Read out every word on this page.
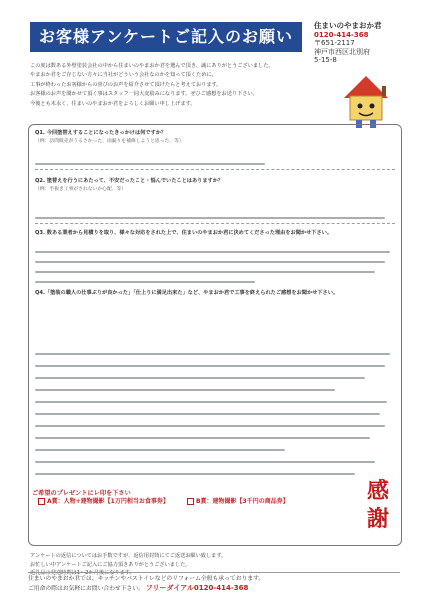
お客様アンケートご記入のお願い
住まいのやまおか君
0120-414-368
〒651-2117
神戸市西区北別府
5-15-8
この度は数ある外壁塗装会社の中から住まいのやまおか君を選んで頂き、誠にありがとうございました。
やまおか君をご存じない方々に当社がどういう会社なのかを知って頂くために、
工事が終わったお客様からの喜びのお声を紹介させて頂けたらと考えております。
お客様のお声を聞かせて頂く事はスタッフ一同大変励みになります。ぜひご感想をお送り下さい。
今後とも末永く、住まいのやまおか君をよろしくお願い申し上げます。
Q1. 今回塗替えすることになったきっかけは何ですか？
（例：訪問販売がうるさかった、雨漏りを補修しようと思った、等）
Q2. 塗替えを行うにあたって、不安だったこと・悩んでいたことはありますか？
（例：手抜き工事がされないか心配、等）
Q3. 数ある業者から見積りを取り、様々な対応をされた上で、住まいのやまおか君に決めてくださった理由をお聞かせ下さい。
Q4.「塗装の職人の仕事ぶりが良かった」「仕上りに満足出来た」など、やまおか君で工事を終えられたご感想をお聞かせ下さい。
ご希望のプレゼントにレ印を下さい
A賞：人物+建物撮影【1万円相当お食事券】	B賞：建物撮影【3千円の商品券】	感謝
アンケートの返信についてはお手数ですが、返信用封筒にてご返送お願い致します。
お忙しい中アンケートご記入にご協力頂きありがとうございました。
返礼品の発送時期は1〜2か月後になります。
住まいのやまおか君では、キッチンやバストイレなどのリフォーム全般も承っております。
ご用命の際はお気軽にお問い合わせ下さい。 フリーダイアル0120-414-368
